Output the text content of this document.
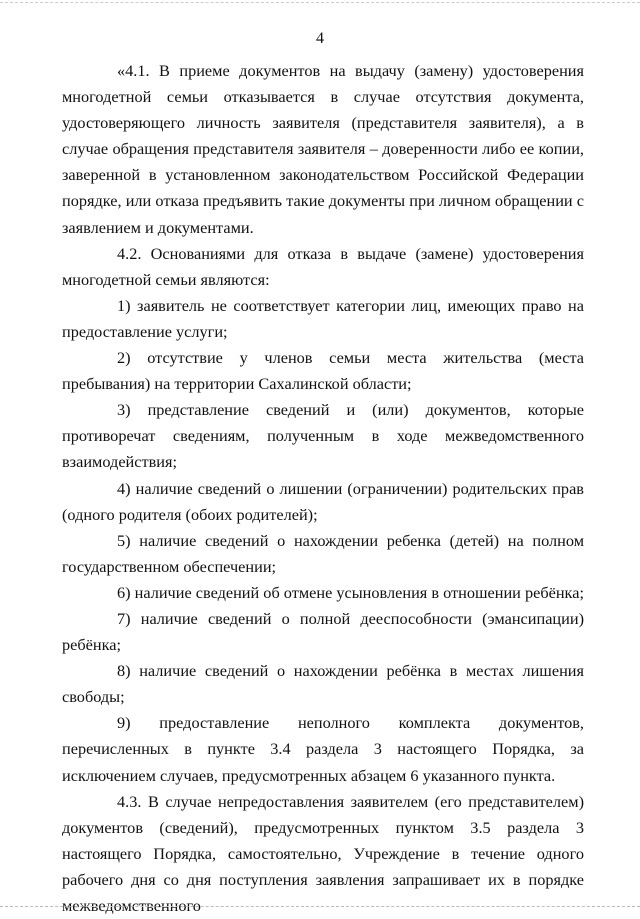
4

«4.1. В приеме документов на выдачу (замену) удостоверения многодетной семьи отказывается в случае отсутствия документа, удостоверяющего личность заявителя (представителя заявителя), а в случае обращения представителя заявителя – доверенности либо ее копии, заверенной в установленном законодательством Российской Федерации порядке, или отказа предъявить такие документы при личном обращении с заявлением и документами.

4.2. Основаниями для отказа в выдаче (замене) удостоверения многодетной семьи являются:

1) заявитель не соответствует категории лиц, имеющих право на предоставление услуги;

2) отсутствие у членов семьи места жительства (места пребывания) на территории Сахалинской области;

3) представление сведений и (или) документов, которые противоречат сведениям, полученным в ходе межведомственного взаимодействия;

4) наличие сведений о лишении (ограничении) родительских прав (одного родителя (обоих родителей);

5) наличие сведений о нахождении ребенка (детей) на полном государственном обеспечении;

6) наличие сведений об отмене усыновления в отношении ребёнка;

7) наличие сведений о полной дееспособности (эмансипации) ребёнка;

8) наличие сведений о нахождении ребёнка в местах лишения свободы;

9) предоставление неполного комплекта документов, перечисленных в пункте 3.4 раздела 3 настоящего Порядка, за исключением случаев, предусмотренных абзацем 6 указанного пункта.

4.3. В случае непредоставления заявителем (его представителем) документов (сведений), предусмотренных пунктом 3.5 раздела 3 настоящего Порядка, самостоятельно, Учреждение в течение одного рабочего дня со дня поступления заявления запрашивает их в порядке межведомственного
